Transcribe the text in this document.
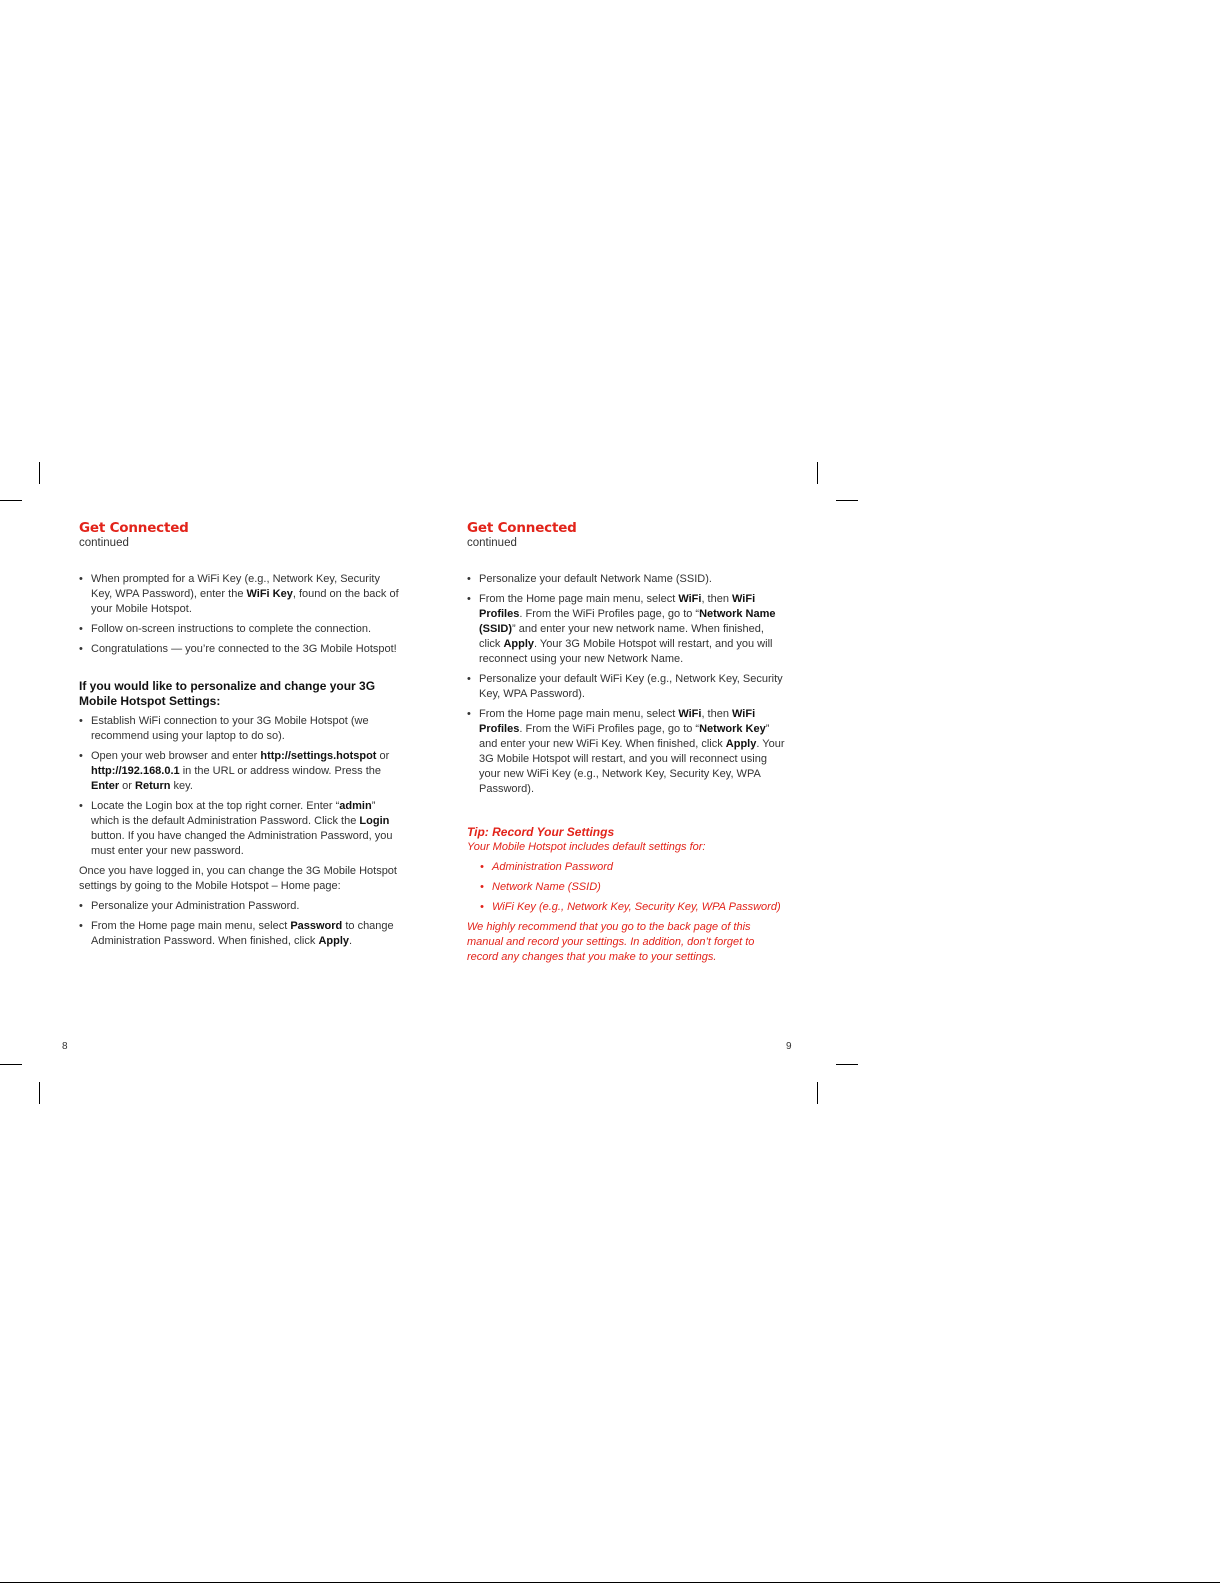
Get Connected
continued
• When prompted for a WiFi Key (e.g., Network Key, Security Key, WPA Password), enter the WiFi Key, found on the back of your Mobile Hotspot.
• Follow on-screen instructions to complete the connection.
• Congratulations — you’re connected to the 3G Mobile Hotspot!
If you would like to personalize and change your 3G Mobile Hotspot Settings:
• Establish WiFi connection to your 3G Mobile Hotspot (we recommend using your laptop to do so).
• Open your web browser and enter http://settings.hotspot or http://192.168.0.1 in the URL or address window. Press the Enter or Return key.
• Locate the Login box at the top right corner. Enter “admin” which is the default Administration Password. Click the Login button. If you have changed the Administration Password, you must enter your new password.

Once you have logged in, you can change the 3G Mobile Hotspot settings by going to the Mobile Hotspot – Home page:

• Personalize your Administration Password.
• From the Home page main menu, select Password to change Administration Password. When finished, click Apply.
8
Get Connected
continued
• Personalize your default Network Name (SSID).
• From the Home page main menu, select WiFi, then WiFi Profiles. From the WiFi Profiles page, go to “Network Name (SSID)” and enter your new network name. When finished, click Apply. Your 3G Mobile Hotspot will restart, and you will reconnect using your new Network Name.
• Personalize your default WiFi Key (e.g., Network Key, Security Key, WPA Password).
• From the Home page main menu, select WiFi, then WiFi Profiles. From the WiFi Profiles page, go to “Network Key” and enter your new WiFi Key. When finished, click Apply. Your 3G Mobile Hotspot will restart, and you will reconnect using your new WiFi Key (e.g., Network Key, Security Key, WPA Password).
Tip: Record Your Settings
Your Mobile Hotspot includes default settings for:
• Administration Password
• Network Name (SSID)
• WiFi Key (e.g., Network Key, Security Key, WPA Password)
We highly recommend that you go to the back page of this manual and record your settings. In addition, don’t forget to record any changes that you make to your settings.
9
